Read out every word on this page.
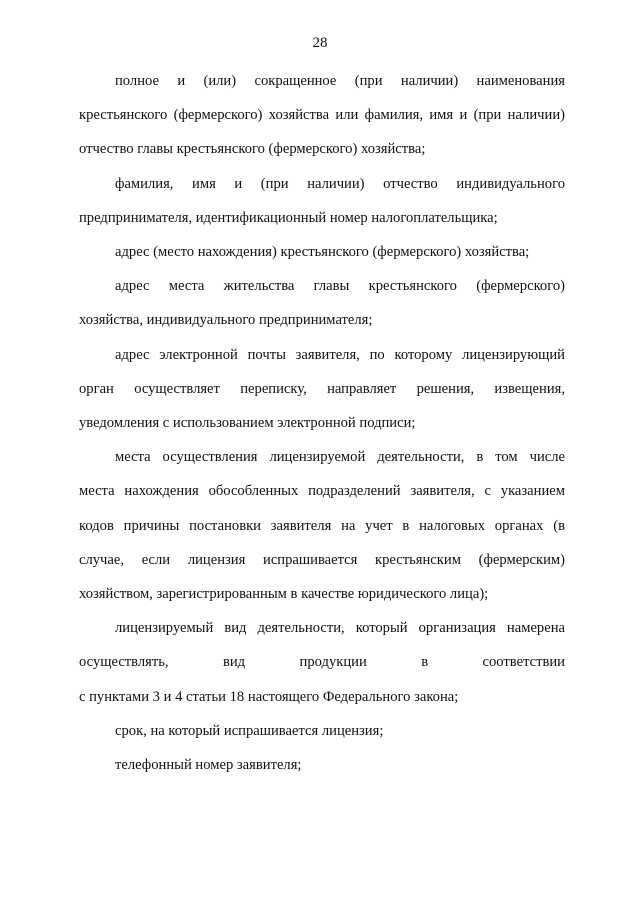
28
полное и (или) сокращенное (при наличии) наименования
крестьянского (фермерского) хозяйства или фамилия, имя и (при наличии)
отчество главы крестьянского (фермерского) хозяйства;
фамилия, имя и (при наличии) отчество индивидуального
предпринимателя, идентификационный номер налогоплательщика;
адрес (место нахождения) крестьянского (фермерского) хозяйства;
адрес места жительства главы крестьянского (фермерского)
хозяйства, индивидуального предпринимателя;
адрес электронной почты заявителя, по которому лицензирующий
орган осуществляет переписку, направляет решения, извещения,
уведомления с использованием электронной подписи;
места осуществления лицензируемой деятельности, в том числе
места нахождения обособленных подразделений заявителя, с указанием
кодов причины постановки заявителя на учет в налоговых органах (в
случае, если лицензия испрашивается крестьянским (фермерским)
хозяйством, зарегистрированным в качестве юридического лица);
лицензируемый вид деятельности, который организация намерена
осуществлять, вид продукции в соответствии
с пунктами 3 и 4 статьи 18 настоящего Федерального закона;
срок, на который испрашивается лицензия;
телефонный номер заявителя;
